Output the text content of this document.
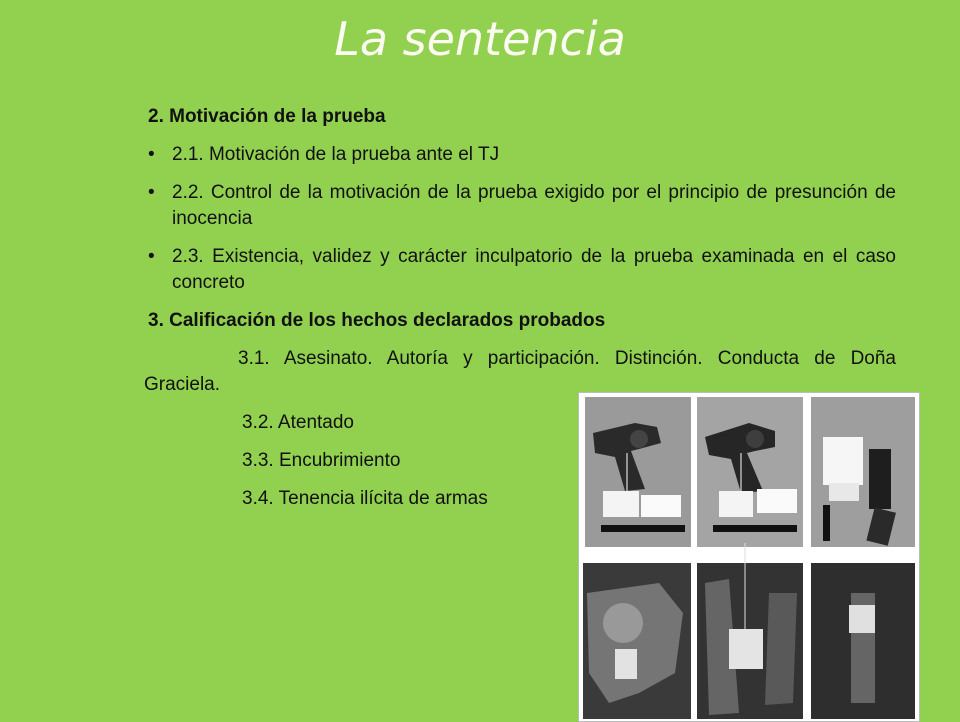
La sentencia

2. Motivación de la prueba

• 2.1. Motivación de la prueba ante el TJ

• 2.2. Control de la motivación de la prueba exigido por el principio de presunción de inocencia

• 2.3. Existencia, validez y carácter inculpatorio de la prueba examinada en el caso concreto

3. Calificación de los hechos declarados probados

3.1. Asesinato. Autoría y participación. Distinción. Conducta de Doña Graciela.

3.2. Atentado

3.3. Encubrimiento

3.4. Tenencia ilícita de armas
